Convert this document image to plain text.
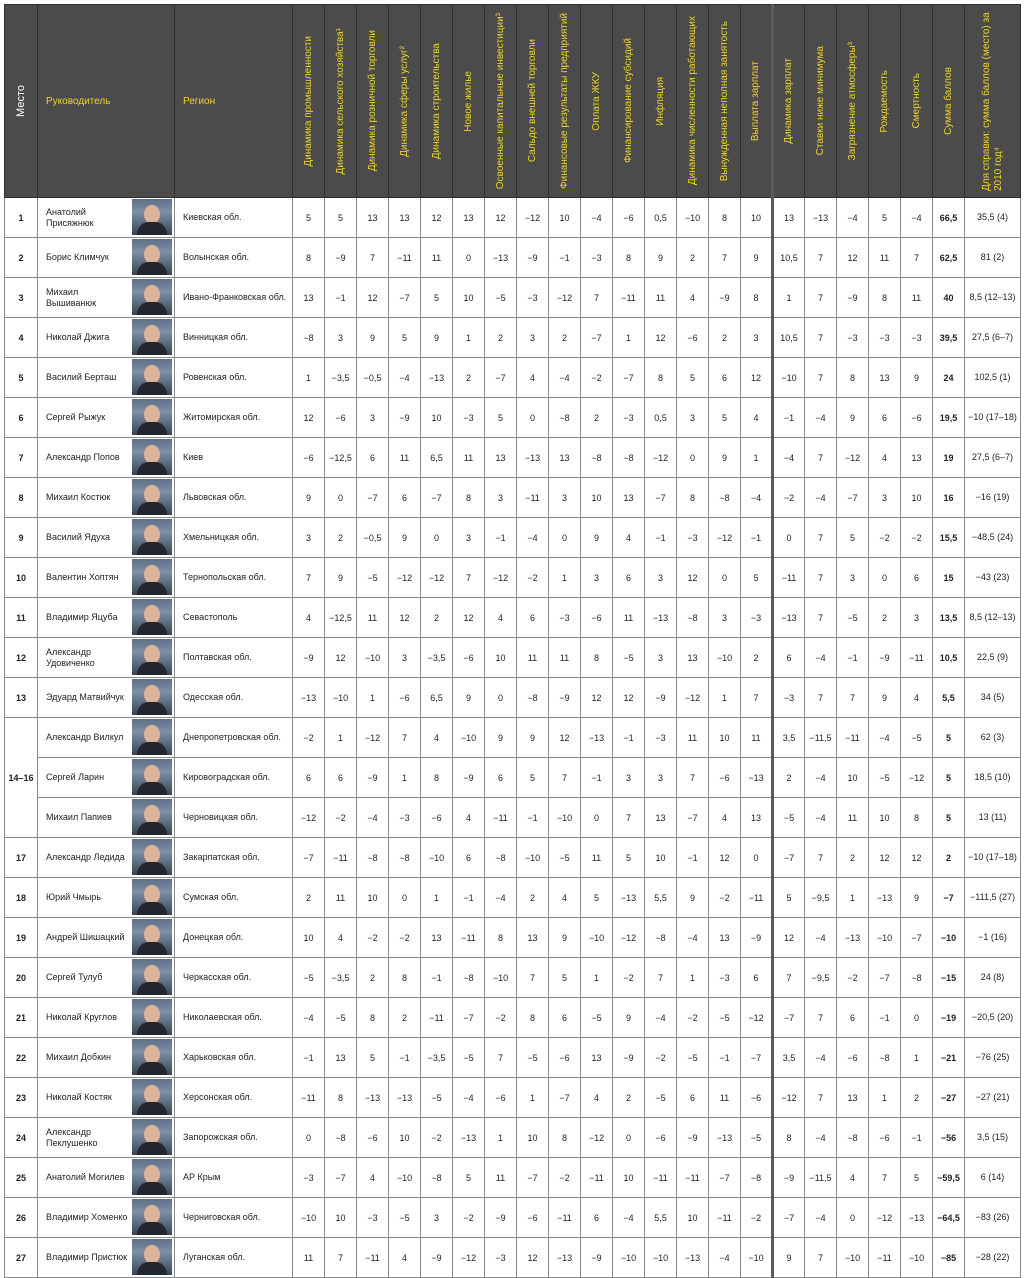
Место	Руководитель		Регион	Динамика промышленности	Динамика сельского хозяйства¹	Динамика розничной торговли	Динамика сферы услуг²	Динамика строительства	Новое жилье	Освоенные капитальные инвестиции³	Сальдо внешней торговли	Финансовые результаты предприятий	Оплата ЖКУ	Финансирование субсидий	Инфляция	Динамика численности работающих	Вынужденная неполная занятость	Выплата зарплат	Динамика зарплат	Ставки ниже минимума	Загрязнение атмосферы³	Рождаемость	Смертность	Сумма баллов	Для справки: сумма баллов (место) за 2010 год⁴

1	Анатолий Присяжнюк		Киевская обл.	5	5	13	13	12	13	12	−12	10	−4	−6	0,5	−10	8	10	13	−13	−4	5	−4	66,5	35,5 (4)
2	Борис Климчук		Волынская обл.	8	−9	7	−11	11	0	−13	−9	−1	−3	8	9	2	7	9	10,5	7	12	11	7	62,5	81 (2)
3	Михаил Вышиванюк		Ивано-Франковская обл.	13	−1	12	−7	5	10	−5	−3	−12	7	−11	11	4	−9	8	1	7	−9	8	11	40	8,5 (12–13)
4	Николай Джига		Винницкая обл.	−8	3	9	5	9	1	2	3	2	−7	1	12	−6	2	3	10,5	7	−3	−3	−3	39,5	27,5 (6–7)
5	Василий Берташ		Ровенская обл.	1	−3,5	−0,5	−4	−13	2	−7	4	−4	−2	−7	8	5	6	12	−10	7	8	13	9	24	102,5 (1)
6	Сергей Рыжук		Житомирская обл.	12	−6	3	−9	10	−3	5	0	−8	2	−3	0,5	3	5	4	−1	−4	9	6	−6	19,5	−10 (17–18)
7	Александр Попов		Киев	−6	−12,5	6	11	6,5	11	13	−13	13	−8	−8	−12	0	9	1	−4	7	−12	4	13	19	27,5 (6–7)
8	Михаил Костюк		Львовская обл.	9	0	−7	6	−7	8	3	−11	3	10	13	−7	8	−8	−4	−2	−4	−7	3	10	16	−16 (19)
9	Василий Ядуха		Хмельницкая обл.	3	2	−0,5	9	0	3	−1	−4	0	9	4	−1	−3	−12	−1	0	7	5	−2	−2	15,5	−48,5 (24)
10	Валентин Хоптян		Тернопольская обл.	7	9	−5	−12	−12	7	−12	−2	1	3	6	3	12	0	5	−11	7	3	0	6	15	−43 (23)
11	Владимир Яцуба		Севастополь	4	−12,5	11	12	2	12	4	6	−3	−6	11	−13	−8	3	−3	−13	7	−5	2	3	13,5	8,5 (12–13)
12	Александр Удовиченко		Полтавская обл.	−9	12	−10	3	−3,5	−6	10	11	11	8	−5	3	13	−10	2	6	−4	−1	−9	−11	10,5	22,5 (9)
13	Эдуард Матвийчук		Одесская обл.	−13	−10	1	−6	6,5	9	0	−8	−9	12	12	−9	−12	1	7	−3	7	7	9	4	5,5	34 (5)
14–16	Александр Вилкул		Днепропетровская обл.	−2	1	−12	7	4	−10	9	9	12	−13	−1	−3	11	10	11	3,5	−11,5	−11	−4	−5	5	62 (3)
	Сергей Ларин		Кировоградская обл.	6	6	−9	1	8	−9	6	5	7	−1	3	3	7	−6	−13	2	−4	10	−5	−12	5	18,5 (10)
	Михаил Папиев		Черновицкая обл.	−12	−2	−4	−3	−6	4	−11	−1	−10	0	7	13	−7	4	13	−5	−4	11	10	8	5	13 (11)
17	Александр Ледида		Закарпатская обл.	−7	−11	−8	−8	−10	6	−8	−10	−5	11	5	10	−1	12	0	−7	7	2	12	12	2	−10 (17–18)
18	Юрий Чмырь		Сумская обл.	2	11	10	0	1	−1	−4	2	4	5	−13	5,5	9	−2	−11	5	−9,5	1	−13	9	−7	−111,5 (27)
19	Андрей Шишацкий		Донецкая обл.	10	4	−2	−2	13	−11	8	13	9	−10	−12	−8	−4	13	−9	12	−4	−13	−10	−7	−10	−1 (16)
20	Сергей Тулуб		Черкасская обл.	−5	−3,5	2	8	−1	−8	−10	7	5	1	−2	7	1	−3	6	7	−9,5	−2	−7	−8	−15	24 (8)
21	Николай Круглов		Николаевская обл.	−4	−5	8	2	−11	−7	−2	8	6	−5	9	−4	−2	−5	−12	−7	7	6	−1	0	−19	−20,5 (20)
22	Михаил Добкин		Харьковская обл.	−1	13	5	−1	−3,5	−5	7	−5	−6	13	−9	−2	−5	−1	−7	3,5	−4	−6	−8	1	−21	−76 (25)
23	Николай Костяк		Херсонская обл.	−11	8	−13	−13	−5	−4	−6	1	−7	4	2	−5	6	11	−6	−12	7	13	1	2	−27	−27 (21)
24	Александр Пеклушенко		Запорожская обл.	0	−8	−6	10	−2	−13	1	10	8	−12	0	−6	−9	−13	−5	8	−4	−8	−6	−1	−56	3,5 (15)
25	Анатолий Могилев		АР Крым	−3	−7	4	−10	−8	5	11	−7	−2	−11	10	−11	−11	−7	−8	−9	−11,5	4	7	5	−59,5	6 (14)
26	Владимир Хоменко		Черниговская обл.	−10	10	−3	−5	3	−2	−9	−6	−11	6	−4	5,5	10	−11	−2	−7	−4	0	−12	−13	−64,5	−83 (26)
27	Владимир Пристюк		Луганская обл.	11	7	−11	4	−9	−12	−3	12	−13	−9	−10	−10	−13	−4	−10	9	7	−10	−11	−10	−85	−28 (22)
